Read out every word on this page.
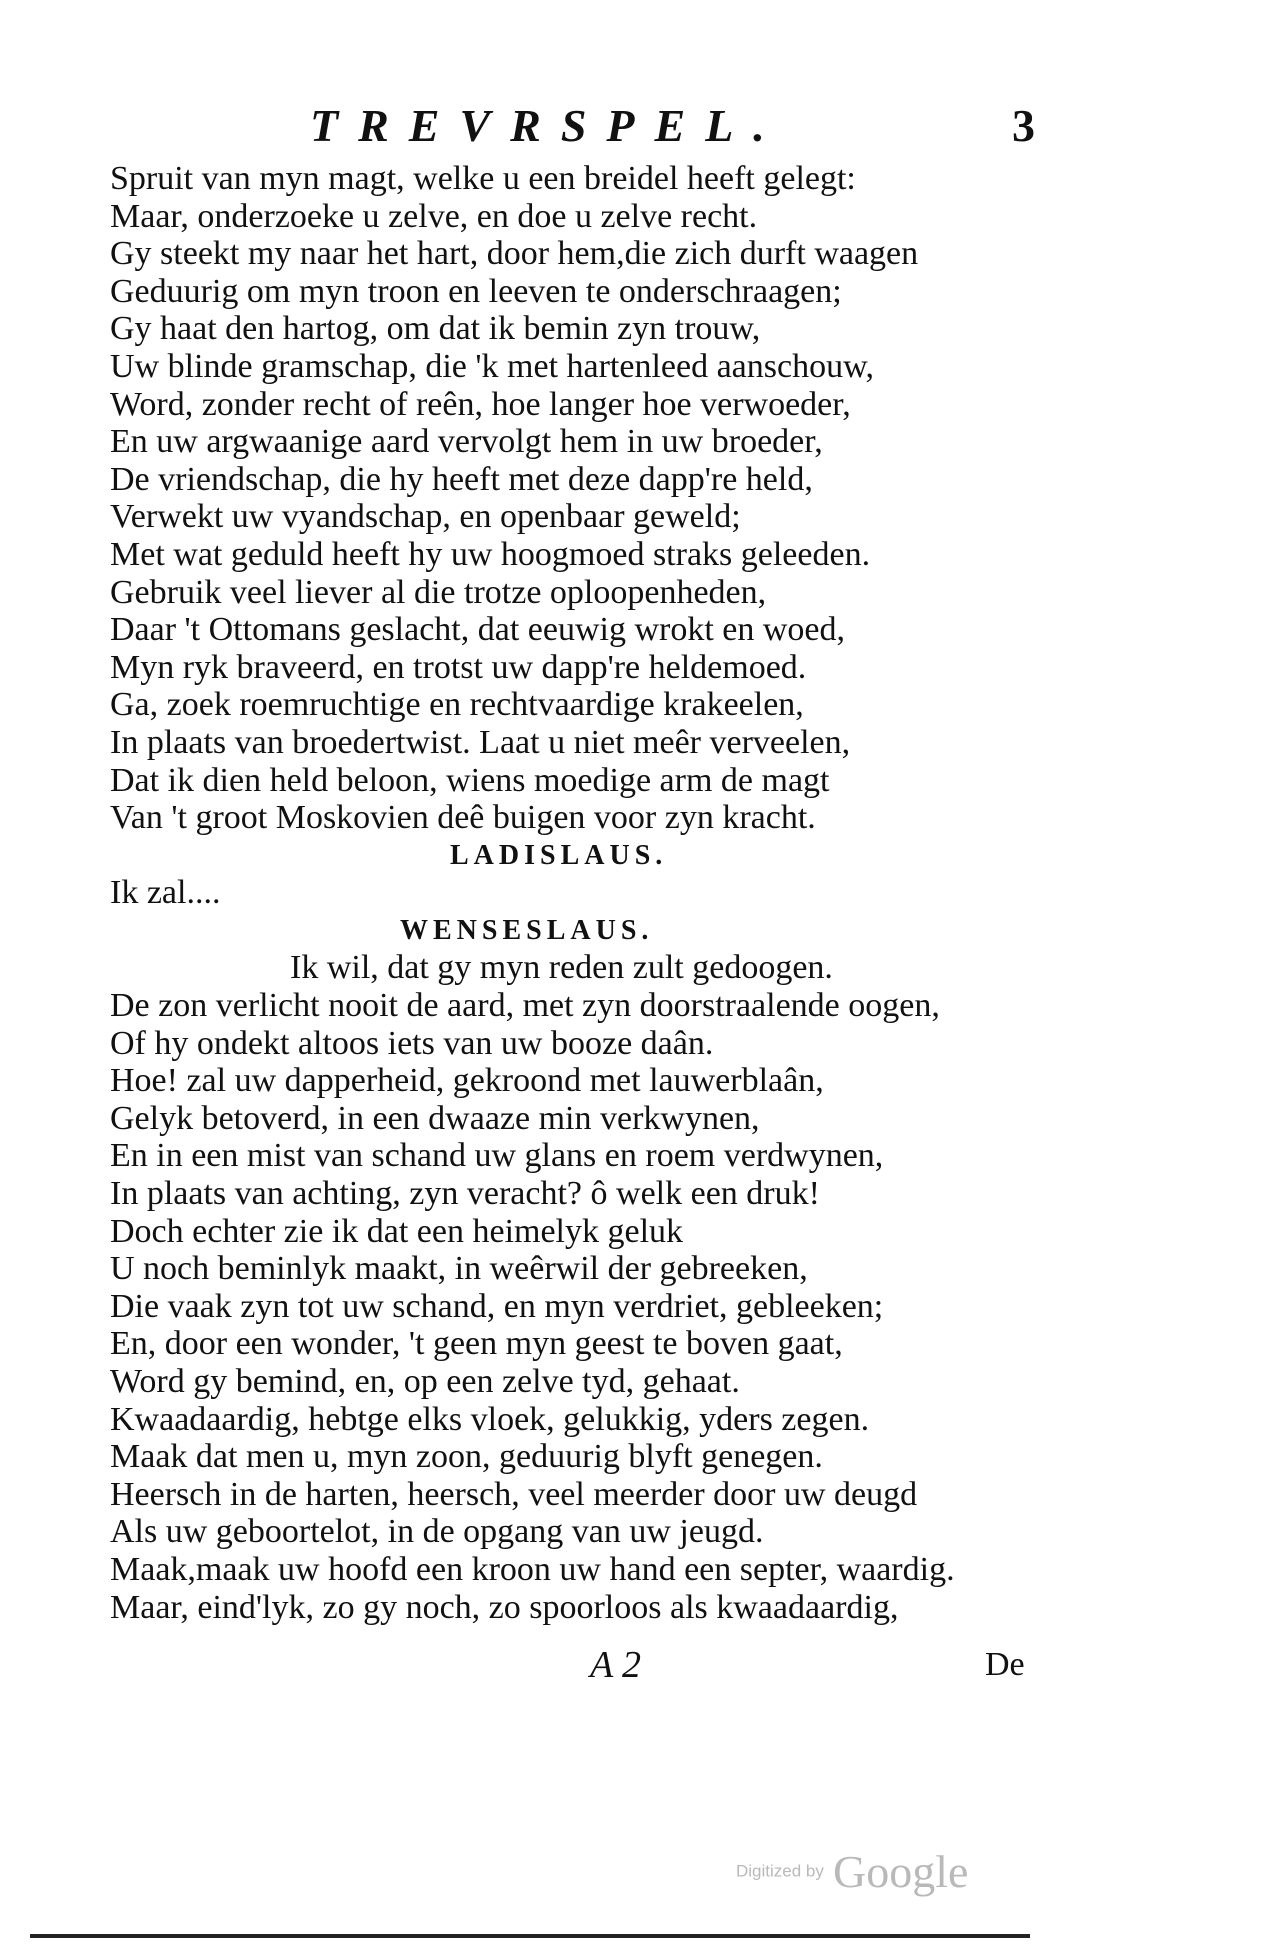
TREVRSPEL.	3
Spruit van myn magt, welke u een breidel heeft gelegt:
Maar, onderzoeke u zelve, en doe u zelve recht.
Gy steekt my naar het hart, door hem,die zich durft waagen
Geduurig om myn troon en leeven te onderschraagen;
Gy haat den hartog, om dat ik bemin zyn trouw,
Uw blinde gramschap, die 'k met hartenleed aanschouw,
Word, zonder recht of reên, hoe langer hoe verwoeder,
En uw argwaanige aard vervolgt hem in uw broeder,
De vriendschap, die hy heeft met deze dapp're held,
Verwekt uw vyandschap, en openbaar geweld;
Met wat geduld heeft hy uw hoogmoed straks geleeden.
Gebruik veel liever al die trotze oploopenheden,
Daar 't Ottomans geslacht, dat eeuwig wrokt en woed,
Myn ryk braveerd, en trotst uw dapp're heldemoed.
Ga, zoek roemruchtige en rechtvaardige krakeelen,
In plaats van broedertwist. Laat u niet meêr verveelen,
Dat ik dien held beloon, wiens moedige arm de magt
Van 't groot Moskovien deê buigen voor zyn kracht.
LADISLAUS.
Ik zal....
WENSESLAUS.
Ik wil, dat gy myn reden zult gedoogen.
De zon verlicht nooit de aard, met zyn doorstraalende oogen,
Of hy ondekt altoos iets van uw booze daân.
Hoe! zal uw dapperheid, gekroond met lauwerblaân,
Gelyk betoverd, in een dwaaze min verkwynen,
En in een mist van schand uw glans en roem verdwynen,
In plaats van achting, zyn veracht? ô welk een druk!
Doch echter zie ik dat een heimelyk geluk
U noch beminlyk maakt, in weêrwil der gebreeken,
Die vaak zyn tot uw schand, en myn verdriet, gebleeken;
En, door een wonder, 't geen myn geest te boven gaat,
Word gy bemind, en, op een zelve tyd, gehaat.
Kwaadaardig, hebtge elks vloek, gelukkig, yders zegen.
Maak dat men u, myn zoon, geduurig blyft genegen.
Heersch in de harten, heersch, veel meerder door uw deugd
Als uw geboortelot, in de opgang van uw jeugd.
Maak,maak uw hoofd een kroon uw hand een septer, waardig.
Maar, eind'lyk, zo gy noch, zo spoorloos als kwaadaardig,
A 2	De
Digitized by Google
